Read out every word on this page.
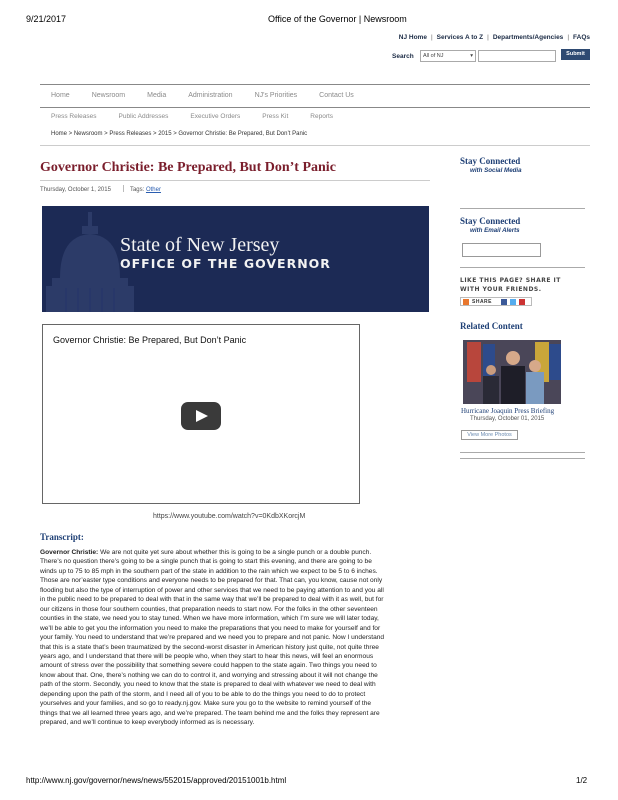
9/21/2017	Office of the Governor | Newsroom
NJ Home | Services A to Z | Departments/Agencies | FAQs
Search All of NJ	▾	Submit
Home	Newsroom	Media	Administration	NJ's Priorities	Contact Us
Press Releases	Public Addresses	Executive Orders	Press Kit	Reports
Home > Newsroom > Press Releases > 2015 > Governor Christie: Be Prepared, But Don’t Panic
Governor Christie: Be Prepared, But Don’t Panic
Thursday, October 1, 2015	Tags: Other
State of New Jersey
OFFICE OF THE GOVERNOR
Governor Christie: Be Prepared, But Don’t Panic
https://www.youtube.com/watch?v=0KdbXKorcjM
Transcript:
Governor Christie: We are not quite yet sure about whether this is going to be a single punch or a double punch.
There’s no question there’s going to be a single punch that is going to start this evening, and there are going to be
winds up to 75 to 85 mph in the southern part of the state in addition to the rain which we expect to be 5 to 6 inches.
Those are nor’easter type conditions and everyone needs to be prepared for that. That can, you know, cause not only
flooding but also the type of interruption of power and other services that we need to be paying attention to and you all
in the public need to be prepared to deal with that in the same way that we’ll be prepared to deal with it as well, but for
our citizens in those four southern counties, that preparation needs to start now. For the folks in the other seventeen
counties in the state, we need you to stay tuned. When we have more information, which I’m sure we will later today,
we’ll be able to get you the information you need to make the preparations that you need to make for yourself and for
your family. You need to understand that we’re prepared and we need you to prepare and not panic. Now I understand
that this is a state that’s been traumatized by the second-worst disaster in American history just quite, not quite three
years ago, and I understand that there will be people who, when they start to hear this news, will feel an enormous
amount of stress over the possibility that something severe could happen to the state again. Two things you need to
know about that. One, there’s nothing we can do to control it, and worrying and stressing about it will not change the
path of the storm. Secondly, you need to know that the state is prepared to deal with whatever we need to deal with
depending upon the path of the storm, and I need all of you to be able to do the things you need to do to protect
yourselves and your families, and so go to ready.nj.gov. Make sure you go to the website to remind yourself of the
things that we all learned three years ago, and we’re prepared. The team behind me and the folks they represent are
prepared, and we’ll continue to keep everybody informed as is necessary.
Stay Connected
with Social Media
Stay Connected
with Email Alerts
LIKE THIS PAGE? SHARE IT WITH YOUR FRIENDS.
SHARE
Related Content
Hurricane Joaquin Press Briefing
Thursday, October 01, 2015
View More Photos
http://www.nj.gov/governor/news/news/552015/approved/20151001b.html	1/2
